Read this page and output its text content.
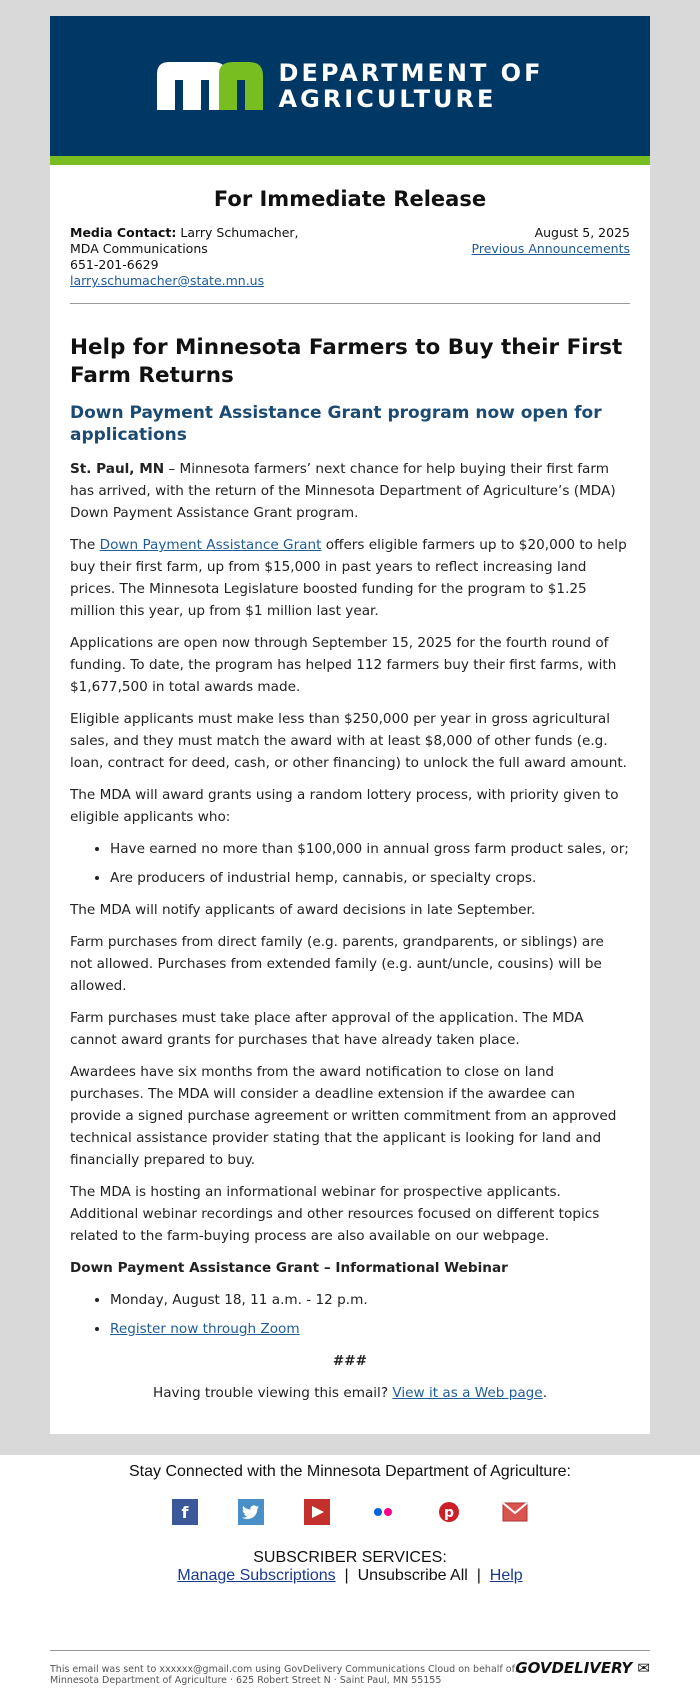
DEPARTMENT OF
AGRICULTURE
For Immediate Release
Media Contact: Larry Schumacher,
MDA Communications
651-201-6629
larry.schumacher@state.mn.us
August 5, 2025
Previous Announcements
Help for Minnesota Farmers to Buy their First Farm Returns
Down Payment Assistance Grant program now open for applications

St. Paul, MN – Minnesota farmers’ next chance for help buying their first farm has arrived, with the return of the Minnesota Department of Agriculture’s (MDA) Down Payment Assistance Grant program.

The Down Payment Assistance Grant offers eligible farmers up to $20,000 to help buy their first farm, up from $15,000 in past years to reflect increasing land prices. The Minnesota Legislature boosted funding for the program to $1.25 million this year, up from $1 million last year.

Applications are open now through September 15, 2025 for the fourth round of funding. To date, the program has helped 112 farmers buy their first farms, with $1,677,500 in total awards made.

Eligible applicants must make less than $250,000 per year in gross agricultural sales, and they must match the award with at least $8,000 of other funds (e.g. loan, contract for deed, cash, or other financing) to unlock the full award amount.

The MDA will award grants using a random lottery process, with priority given to eligible applicants who:

• Have earned no more than $100,000 in annual gross farm product sales, or;
• Are producers of industrial hemp, cannabis, or specialty crops.

The MDA will notify applicants of award decisions in late September.

Farm purchases from direct family (e.g. parents, grandparents, or siblings) are not allowed. Purchases from extended family (e.g. aunt/uncle, cousins) will be allowed.

Farm purchases must take place after approval of the application. The MDA cannot award grants for purchases that have already taken place.

Awardees have six months from the award notification to close on land purchases. The MDA will consider a deadline extension if the awardee can provide a signed purchase agreement or written commitment from an approved technical assistance provider stating that the applicant is looking for land and financially prepared to buy.

The MDA is hosting an informational webinar for prospective applicants. Additional webinar recordings and other resources focused on different topics related to the farm-buying process are also available on our webpage.

Down Payment Assistance Grant – Informational Webinar

• Monday, August 18, 11 a.m. - 12 p.m.
• Register now through Zoom

###

Having trouble viewing this email? View it as a Web page.

Stay Connected with the Minnesota Department of Agriculture:
f	p
SUBSCRIBER SERVICES:
Manage Subscriptions  |  Unsubscribe All  |  Help
This email was sent to xxxxxx@gmail.com using GovDelivery Communications Cloud on behalf of: Minnesota Department of Agriculture · 625 Robert Street N · Saint Paul, MN 55155
GOVDELIVERY ✉
